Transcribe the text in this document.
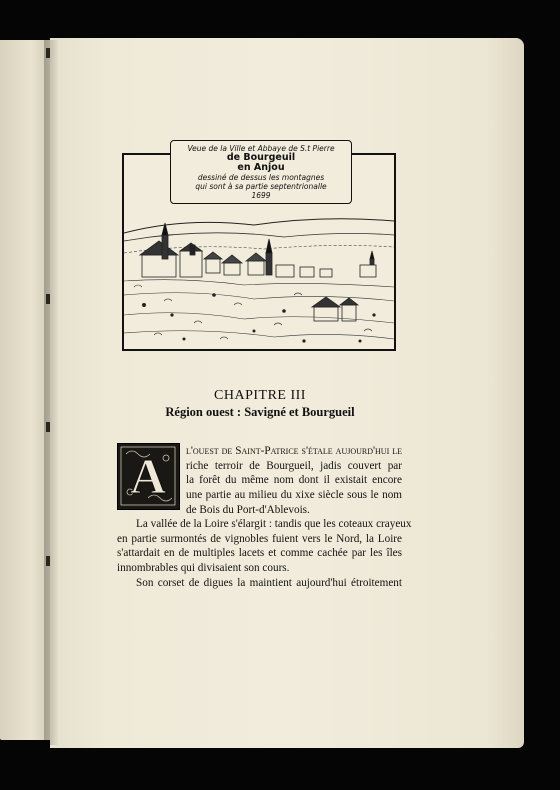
Veue de la Ville et Abbaye de S.t Pierre
de Bourgeuil
en Anjou
dessiné de dessus les montagnes
qui sont à sa partie septentrionalle
1699
CHAPITRE III
Région ouest : Savigné et Bourgueil
A l'ouest de Saint-Patrice s'étale aujourd'hui le
riche terroir de Bourgueil, jadis couvert par
la forêt du même nom dont il existait encore
une partie au milieu du xixe siècle sous le nom
de Bois du Port-d'Ablevois.
La vallée de la Loire s'élargit : tandis que les coteaux crayeux
en partie surmontés de vignobles fuient vers le Nord, la Loire
s'attardait en de multiples lacets et comme cachée par les îles
innombrables qui divisaient son cours.
Son corset de digues la maintient aujourd'hui étroitement
